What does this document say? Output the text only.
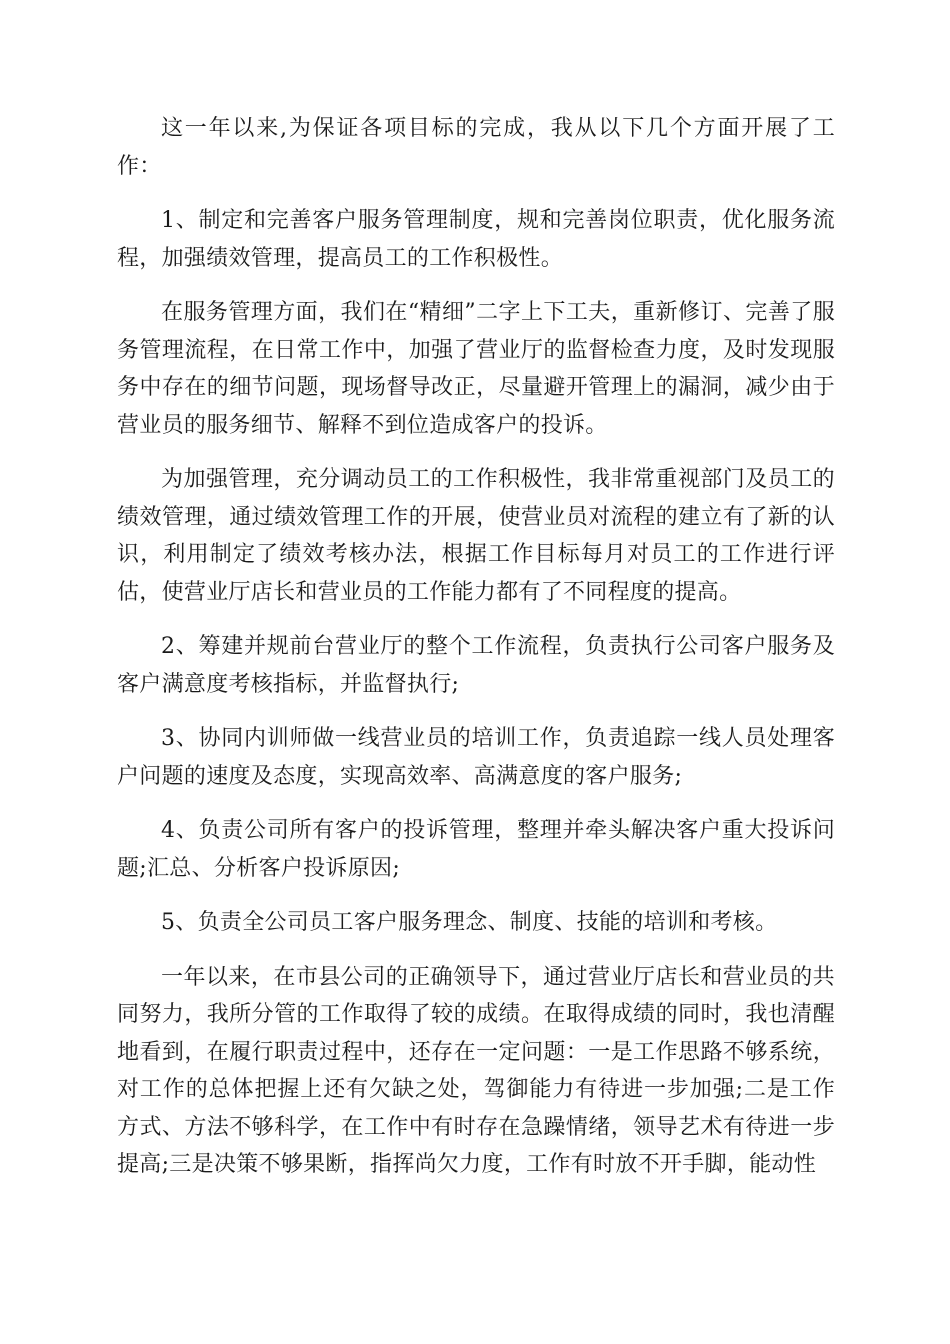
这一年以来,为保证各项目标的完成，我从以下几个方面开展了工作：

1、制定和完善客户服务管理制度，规和完善岗位职责，优化服务流程，加强绩效管理，提高员工的工作积极性。

在服务管理方面，我们在“精细”二字上下工夫，重新修订、完善了服务管理流程，在日常工作中，加强了营业厅的监督检查力度，及时发现服务中存在的细节问题，现场督导改正，尽量避开管理上的漏洞，减少由于营业员的服务细节、解释不到位造成客户的投诉。

为加强管理，充分调动员工的工作积极性，我非常重视部门及员工的绩效管理，通过绩效管理工作的开展，使营业员对流程的建立有了新的认识，利用制定了绩效考核办法，根据工作目标每月对员工的工作进行评估，使营业厅店长和营业员的工作能力都有了不同程度的提高。

2、筹建并规前台营业厅的整个工作流程，负责执行公司客户服务及客户满意度考核指标，并监督执行;

3、协同内训师做一线营业员的培训工作，负责追踪一线人员处理客户问题的速度及态度，实现高效率、高满意度的客户服务;

4、负责公司所有客户的投诉管理，整理并牵头解决客户重大投诉问题;汇总、分析客户投诉原因;

5、负责全公司员工客户服务理念、制度、技能的培训和考核。

一年以来，在市县公司的正确领导下，通过营业厅店长和营业员的共同努力，我所分管的工作取得了较的成绩。在取得成绩的同时，我也清醒地看到，在履行职责过程中，还存在一定问题：一是工作思路不够系统，对工作的总体把握上还有欠缺之处，驾御能力有待进一步加强;二是工作方式、方法不够科学，在工作中有时存在急躁情绪，领导艺术有待进一步提高;三是决策不够果断，指挥尚欠力度，工作有时放不开手脚，能动性
